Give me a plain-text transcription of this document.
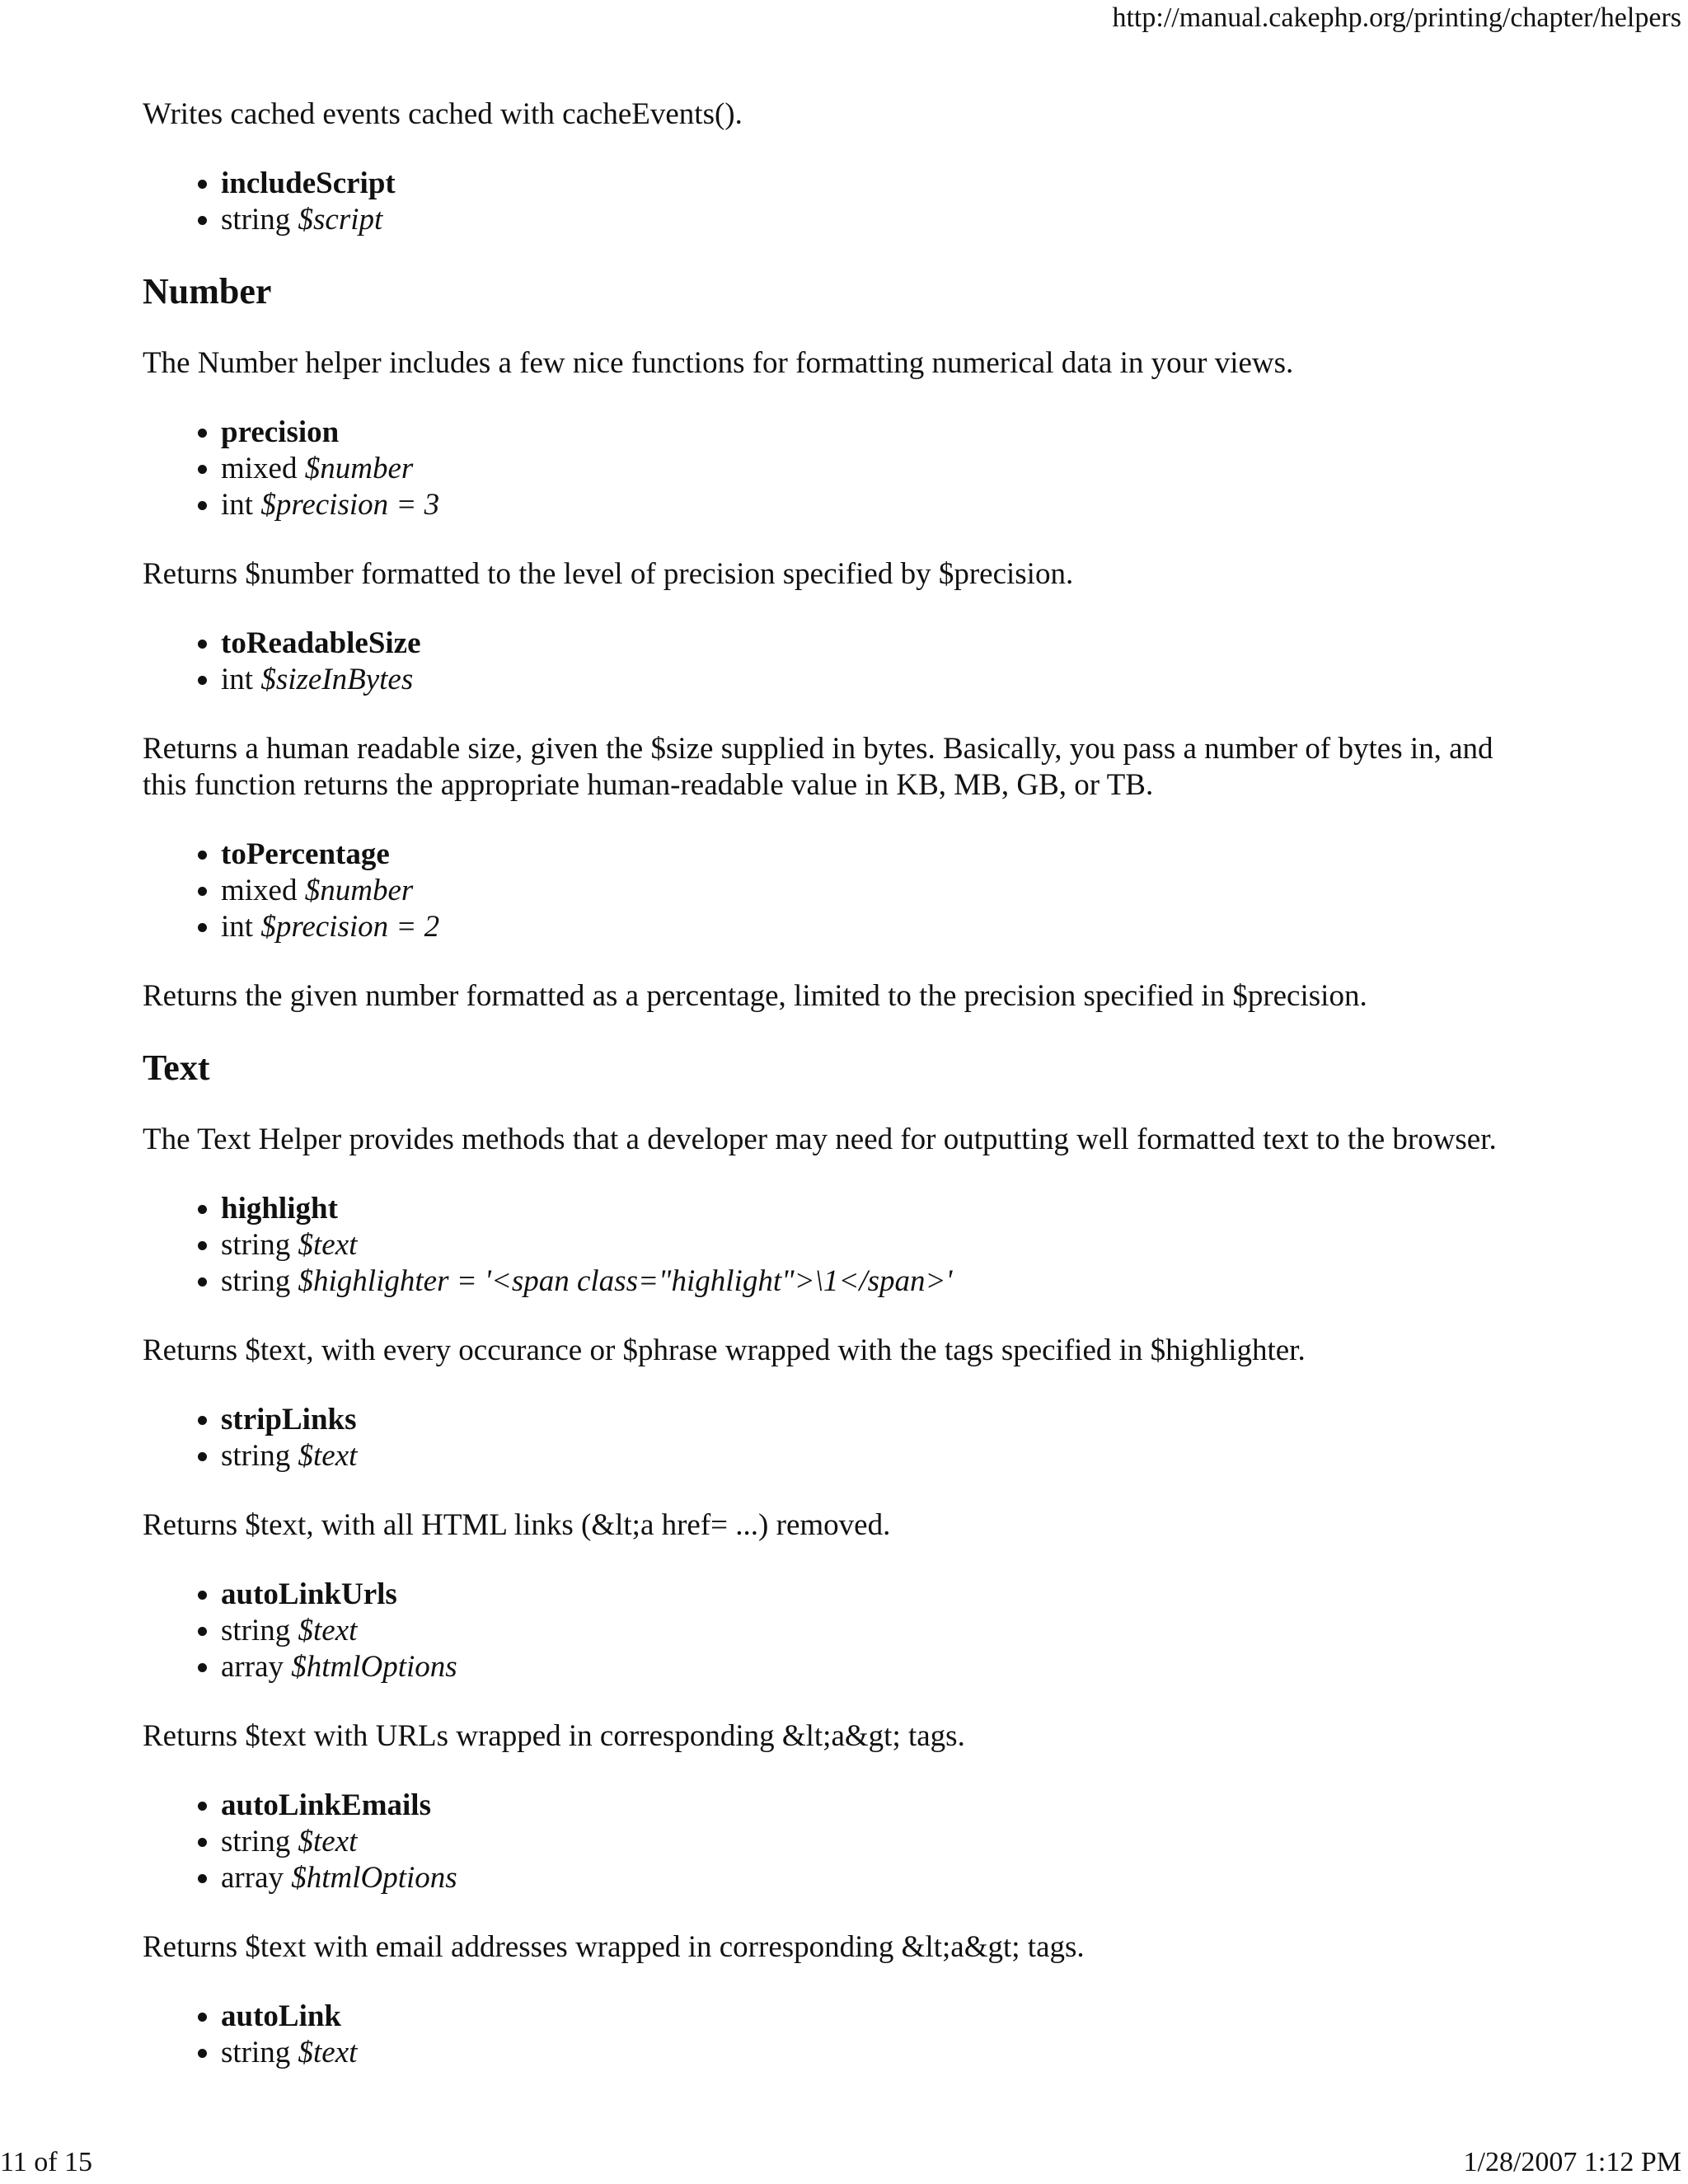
http://manual.cakephp.org/printing/chapter/helpers

Writes cached events cached with cacheEvents().

• includeScript
• string $script
Number

The Number helper includes a few nice functions for formatting numerical data in your views.

• precision
• mixed $number
• int $precision = 3

Returns $number formatted to the level of precision specified by $precision.

• toReadableSize
• int $sizeInBytes

Returns a human readable size, given the $size supplied in bytes. Basically, you pass a number of bytes in, and this function returns the appropriate human-readable value in KB, MB, GB, or TB.

• toPercentage
• mixed $number
• int $precision = 2

Returns the given number formatted as a percentage, limited to the precision specified in $precision.

Text

The Text Helper provides methods that a developer may need for outputting well formatted text to the browser.

• highlight
• string $text
• string $highlighter = '<span class="highlight">\1</span>'

Returns $text, with every occurance or $phrase wrapped with the tags specified in $highlighter.

• stripLinks
• string $text

Returns $text, with all HTML links (&lt;a href= ...) removed.

• autoLinkUrls
• string $text
• array $htmlOptions

Returns $text with URLs wrapped in corresponding &lt;a&gt; tags.

• autoLinkEmails
• string $text
• array $htmlOptions

Returns $text with email addresses wrapped in corresponding &lt;a&gt; tags.

• autoLink
• string $text
11 of 15	1/28/2007 1:12 PM
